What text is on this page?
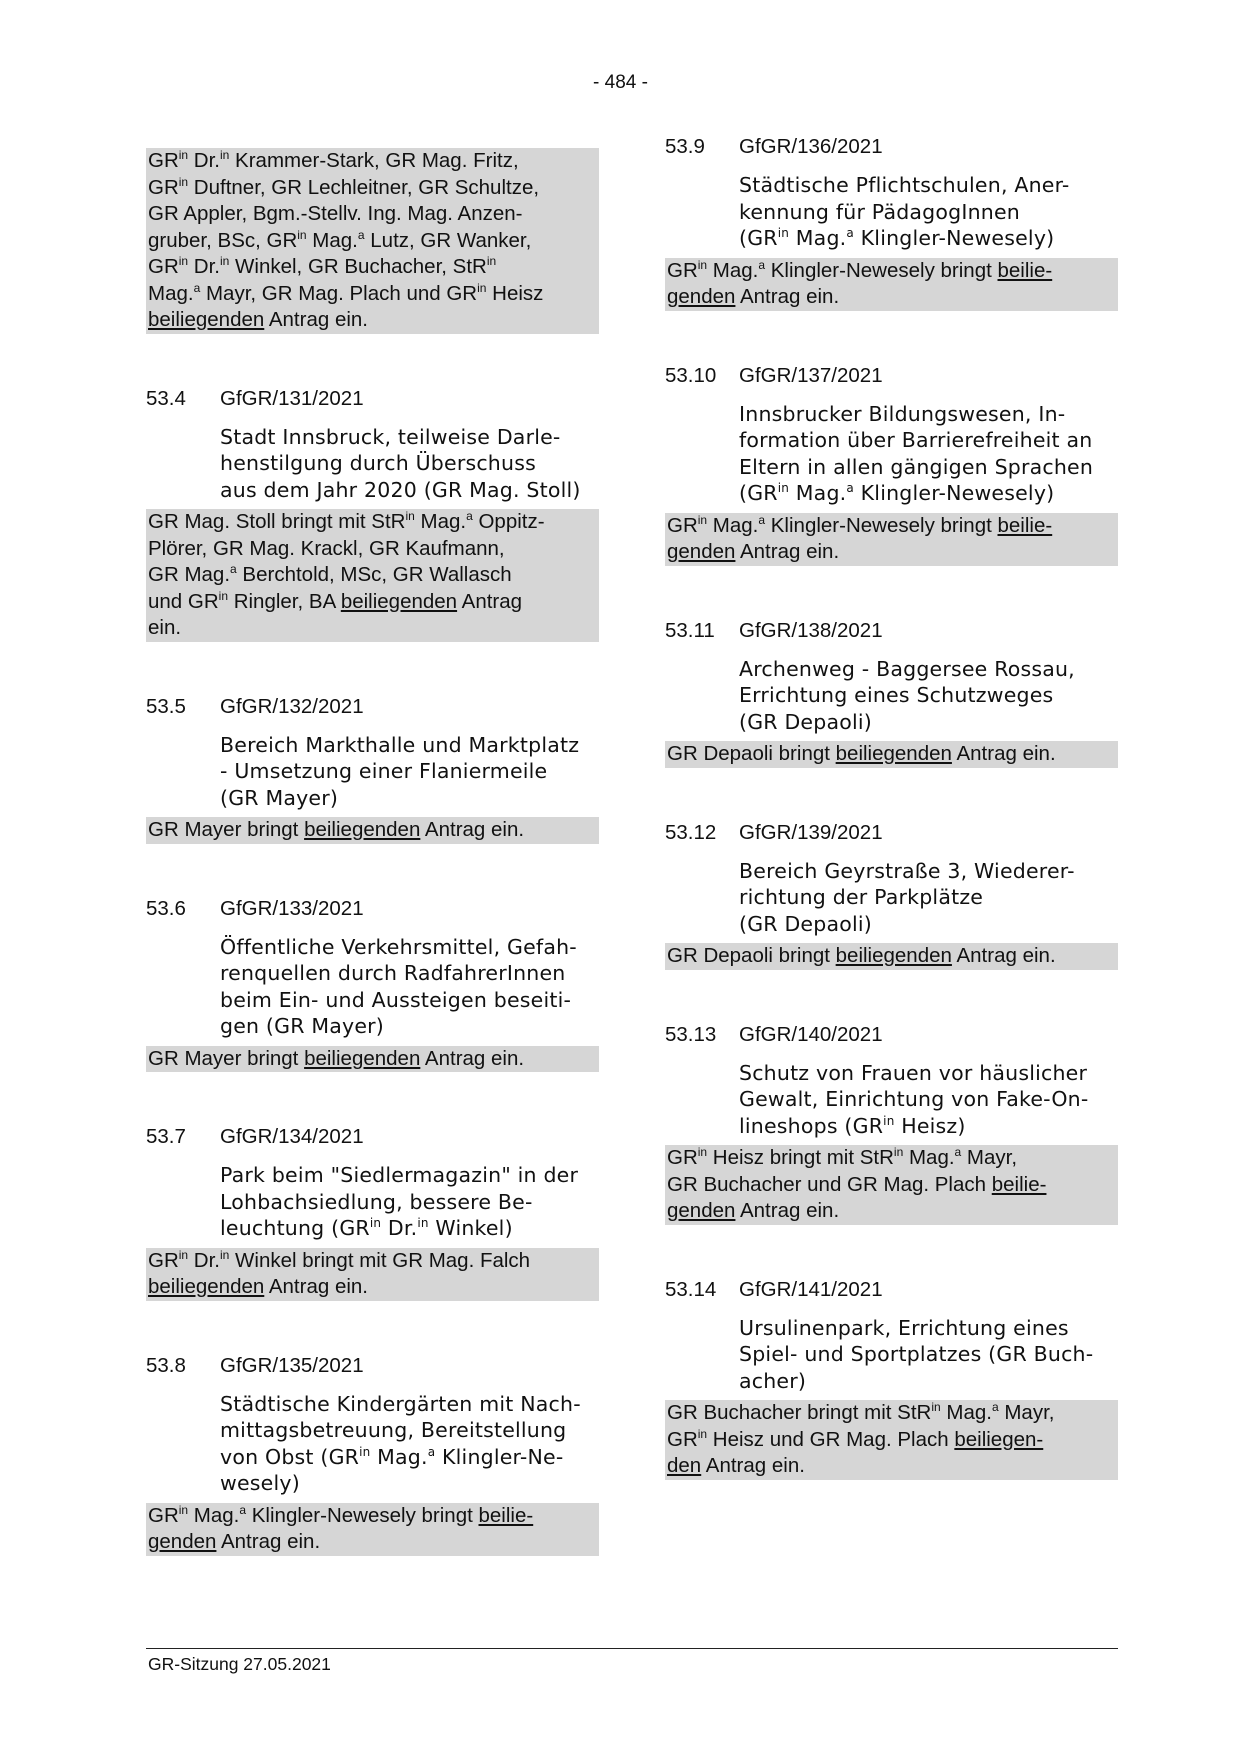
- 484 -
$GR^{in}$ Dr.$^{in}$ Krammer-Stark, GR Mag. Fritz,
$GR^{in}$ Duftner, GR Lechleitner, GR Schultze,
GR Appler, Bgm.-Stellv. Ing. Mag. Anzen-
gruber, BSc, $GR^{in}$ Mag.$^a$ Lutz, GR Wanker,
$GR^{in}$ Dr.$^{in}$ Winkel, GR Buchacher, StR$^{in}$
Mag.$^a$ Mayr, GR Mag. Plach und $GR^{in}$ Heisz
beiliegenden Antrag ein.
53.4	GfGR/131/2021
Stadt Innsbruck, teilweise Darle-
henstilgung durch Überschuss
aus dem Jahr 2020 (GR Mag. Stoll)
GR Mag. Stoll bringt mit StR$^{in}$ Mag.$^a$ Oppitz-
Plörer, GR Mag. Krackl, GR Kaufmann,
GR Mag.$^a$ Berchtold, MSc, GR Wallasch
und $GR^{in}$ Ringler, BA beiliegenden Antrag
ein.
53.5	GfGR/132/2021
Bereich Markthalle und Marktplatz
- Umsetzung einer Flaniermeile
(GR Mayer)
GR Mayer bringt beiliegenden Antrag ein.
53.6	GfGR/133/2021
Öffentliche Verkehrsmittel, Gefah-
renquellen durch RadfahrerInnen
beim Ein- und Aussteigen beseiti-
gen (GR Mayer)
GR Mayer bringt beiliegenden Antrag ein.
53.7	GfGR/134/2021
Park beim "Siedlermagazin" in der
Lohbachsiedlung, bessere Be-
leuchtung ($GR^{in}$ Dr.$^{in}$ Winkel)
$GR^{in}$ Dr.$^{in}$ Winkel bringt mit GR Mag. Falch
beiliegenden Antrag ein.
53.8	GfGR/135/2021
Städtische Kindergärten mit Nach-
mittagsbetreuung, Bereitstellung
von Obst ($GR^{in}$ Mag.$^a$ Klingler-Ne-
wesely)
$GR^{in}$ Mag.$^a$ Klingler-Newesely bringt beilie-
genden Antrag ein.
53.9	GfGR/136/2021
Städtische Pflichtschulen, Aner-
kennung für PädagogInnen
($GR^{in}$ Mag.$^a$ Klingler-Newesely)
$GR^{in}$ Mag.$^a$ Klingler-Newesely bringt beilie-
genden Antrag ein.
53.10	GfGR/137/2021
Innsbrucker Bildungswesen, In-
formation über Barrierefreiheit an
Eltern in allen gängigen Sprachen
($GR^{in}$ Mag.$^a$ Klingler-Newesely)
$GR^{in}$ Mag.$^a$ Klingler-Newesely bringt beilie-
genden Antrag ein.
53.11	GfGR/138/2021
Archenweg - Baggersee Rossau,
Errichtung eines Schutzweges
(GR Depaoli)
GR Depaoli bringt beiliegenden Antrag ein.
53.12	GfGR/139/2021
Bereich Geyrstraße 3, Wiederer-
richtung der Parkplätze
(GR Depaoli)
GR Depaoli bringt beiliegenden Antrag ein.
53.13	GfGR/140/2021
Schutz von Frauen vor häuslicher
Gewalt, Einrichtung von Fake-On-
lineshops ($GR^{in}$ Heisz)
$GR^{in}$ Heisz bringt mit StR$^{in}$ Mag.$^a$ Mayr,
GR Buchacher und GR Mag. Plach beilie-
genden Antrag ein.
53.14	GfGR/141/2021
Ursulinenpark, Errichtung eines
Spiel- und Sportplatzes (GR Buch-
acher)
GR Buchacher bringt mit StR$^{in}$ Mag.$^a$ Mayr,
$GR^{in}$ Heisz und GR Mag. Plach beiliegen-
den Antrag ein.
GR-Sitzung 27.05.2021
